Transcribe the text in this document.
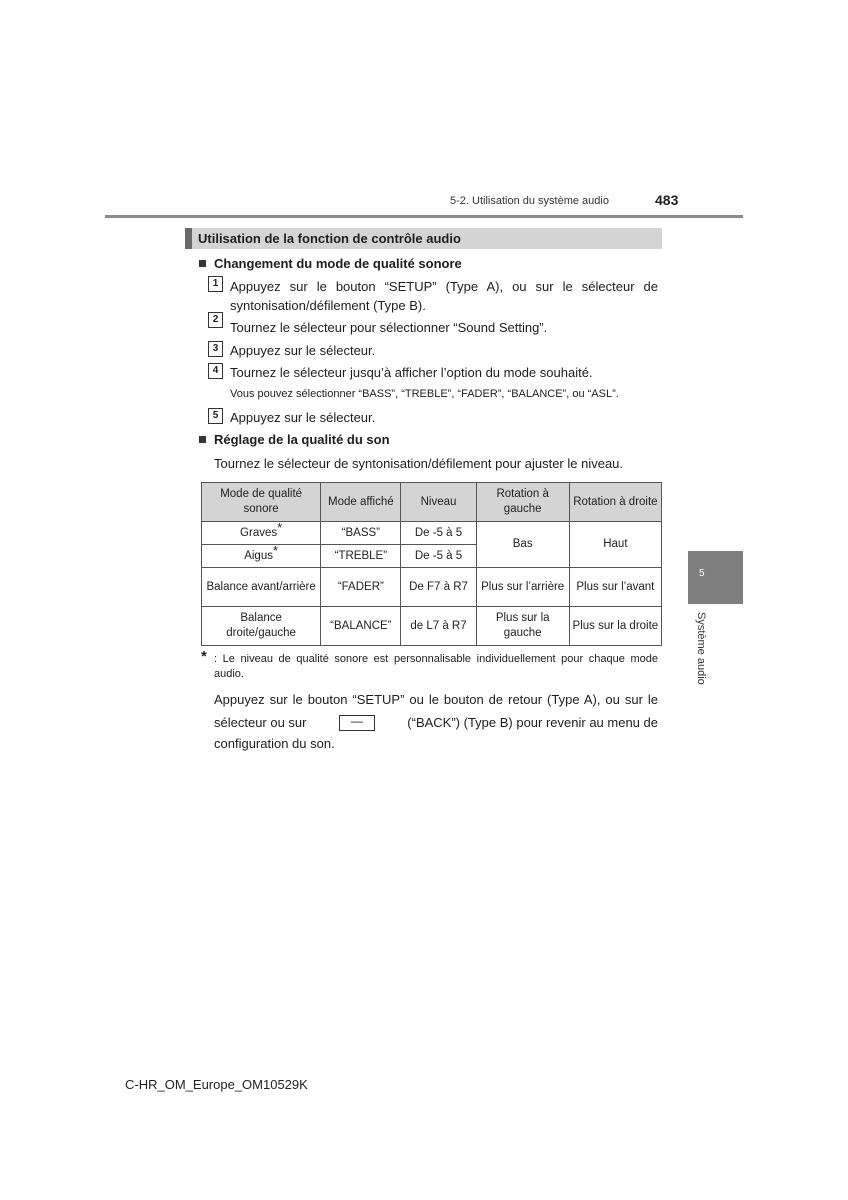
5-2. Utilisation du système audio	483
Utilisation de la fonction de contrôle audio
Changement du mode de qualité sonore
1 Appuyez sur le bouton “SETUP” (Type A), ou sur le sélecteur de
syntonisation/défilement (Type B).
2
Tournez le sélecteur pour sélectionner “Sound Setting”.
3 Appuyez sur le sélecteur.
4 Tournez le sélecteur jusqu’à afficher l’option du mode souhaité.
Vous pouvez sélectionner “BASS”, “TREBLE”, “FADER”, “BALANCE”, ou “ASL”.
5 Appuyez sur le sélecteur.
Réglage de la qualité du son
Tournez le sélecteur de syntonisation/défilement pour ajuster le niveau.
Mode de qualité sonore	Mode affiché	Niveau	Rotation à gauche	Rotation à droite
Graves*	“BASS”	De -5 à 5	Bas	Haut
Aigus*	“TREBLE”	De -5 à 5		
Balance avant/arrière	“FADER”	De F7 à R7	Plus sur l’arrière	Plus sur l’avant
Balance droite/gauche	“BALANCE”	de L7 à R7	Plus sur la gauche	Plus sur la droite
* : Le niveau de qualité sonore est personnalisable individuellement pour chaque mode audio.
Appuyez sur le bouton “SETUP” ou le bouton de retour (Type A), ou sur le
sélecteur ou sur	—	(“BACK”) (Type B) pour revenir au menu de
configuration du son.
5
Système audio
C-HR_OM_Europe_OM10529K
